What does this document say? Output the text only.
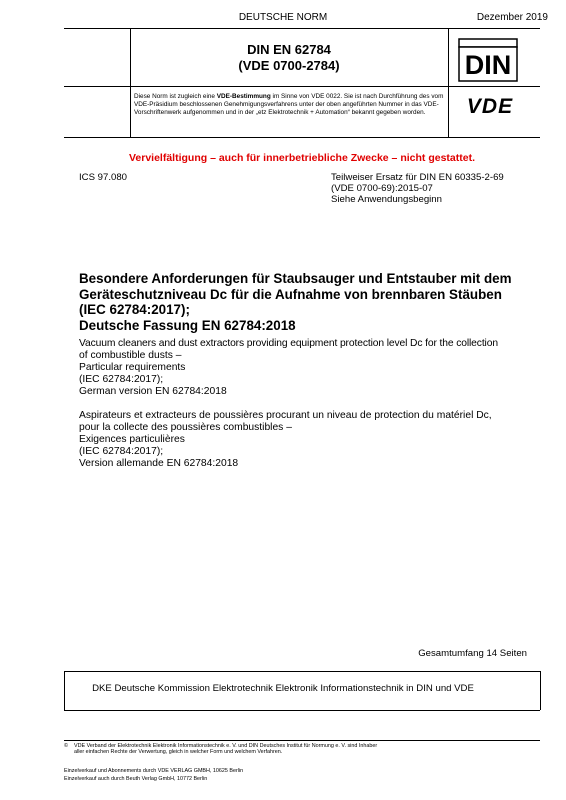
DEUTSCHE NORM	Dezember 2019
DIN EN 62784
(VDE 0700-2784)	DIN
Diese Norm ist zugleich eine VDE-Bestimmung im Sinne von VDE 0022. Sie ist nach Durchführung des vom VDE-Präsidium beschlossenen Genehmigungsverfahrens unter der oben angeführten Nummer in das VDE-Vorschriftenwerk aufgenommen und in der „etz Elektrotechnik + Automation“ bekannt gegeben worden.	VDE
Vervielfältigung – auch für innerbetriebliche Zwecke – nicht gestattet.
ICS 97.080	Teilweiser Ersatz für DIN EN 60335-2-69
(VDE 0700-69):2015-07
Siehe Anwendungsbeginn
Besondere Anforderungen für Staubsauger und Entstauber mit dem
Geräteschutzniveau Dc für die Aufnahme von brennbaren Stäuben
(IEC 62784:2017);
Deutsche Fassung EN 62784:2018
Vacuum cleaners and dust extractors providing equipment protection level Dc for the collection
of combustible dusts –
Particular requirements
(IEC 62784:2017);
German version EN 62784:2018
Aspirateurs et extracteurs de poussières procurant un niveau de protection du matériel Dc,
pour la collecte des poussières combustibles –
Exigences particulières
(IEC 62784:2017);
Version allemande EN 62784:2018
Gesamtumfang 14 Seiten
DKE Deutsche Kommission Elektrotechnik Elektronik Informationstechnik in DIN und VDE
© VDE Verband der Elektrotechnik Elektronik Informationstechnik e. V. und DIN Deutsches Institut für Normung e. V. sind Inhaber
aller einfachen Rechte der Verwertung, gleich in welcher Form und welchem Verfahren.
Einzelverkauf und Abonnements durch VDE VERLAG GMBH, 10625 Berlin
Einzelverkauf auch durch Beuth Verlag GmbH, 10772 Berlin
